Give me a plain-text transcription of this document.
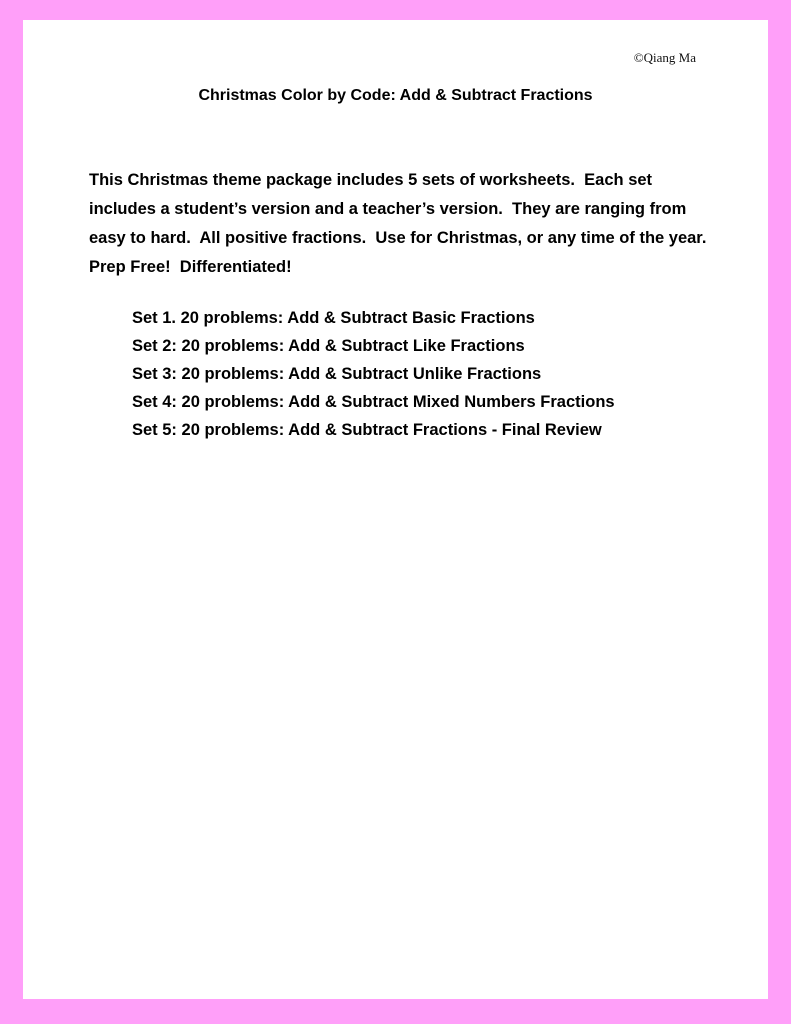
©Qiang Ma
Christmas Color by Code: Add & Subtract Fractions
This Christmas theme package includes 5 sets of worksheets.  Each set includes a student’s version and a teacher’s version.  They are ranging from easy to hard.  All positive fractions.  Use for Christmas, or any time of the year.  Prep Free!  Differentiated!
Set 1. 20 problems: Add & Subtract Basic Fractions
Set 2: 20 problems: Add & Subtract Like Fractions
Set 3: 20 problems: Add & Subtract Unlike Fractions
Set 4: 20 problems: Add & Subtract Mixed Numbers Fractions
Set 5: 20 problems: Add & Subtract Fractions - Final Review
